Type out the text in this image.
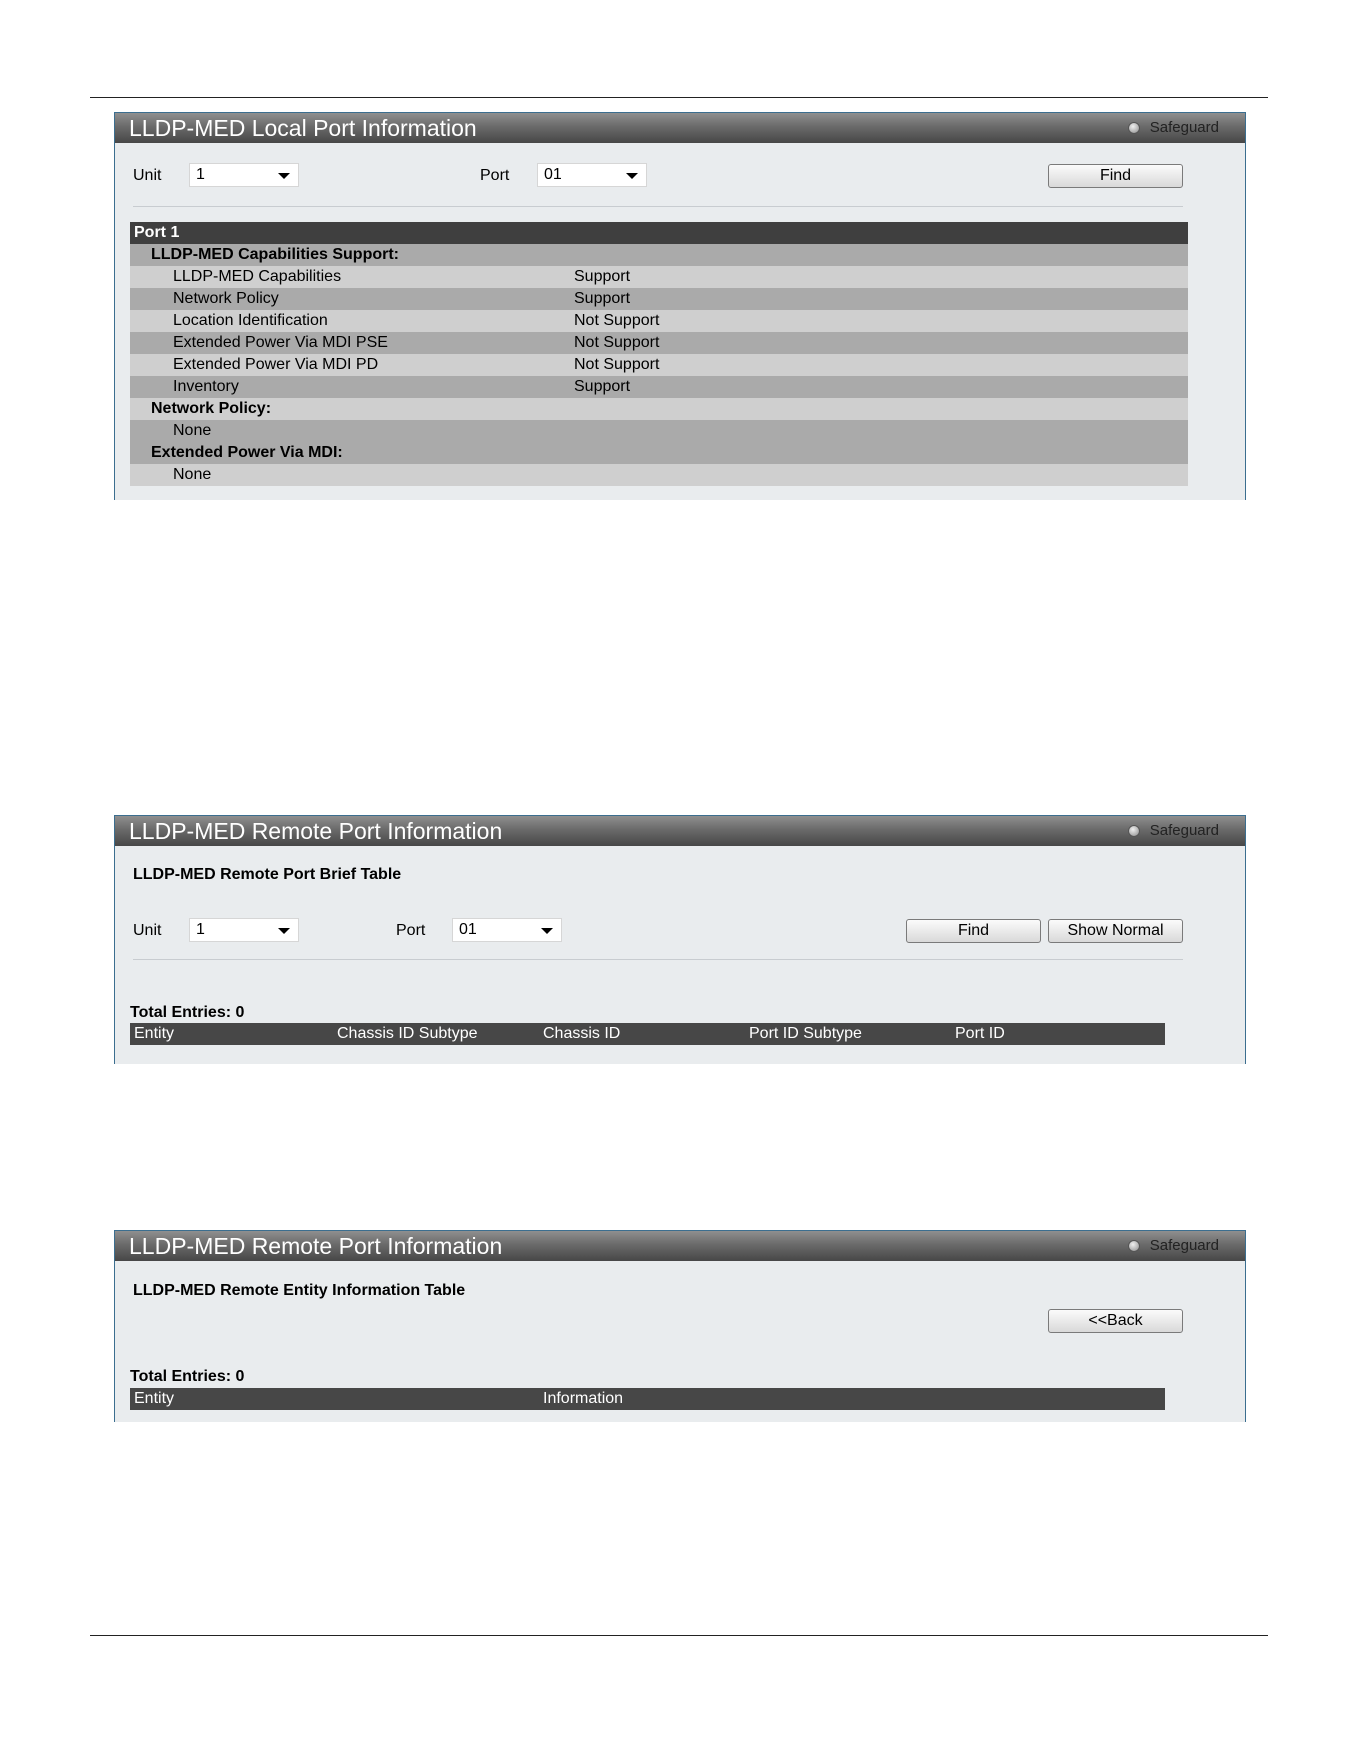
LLDP-MED Local Port Information	Safeguard
Unit	1	Port	01	Find
Port 1
LLDP-MED Capabilities Support:
LLDP-MED Capabilities	Support
Network Policy	Support
Location Identification	Not Support
Extended Power Via MDI PSE	Not Support
Extended Power Via MDI PD	Not Support
Inventory	Support
Network Policy:
None
Extended Power Via MDI:
None
LLDP-MED Remote Port Information	Safeguard
LLDP-MED Remote Port Brief Table
Unit	1	Port	01	Find	Show Normal
Total Entries: 0
Entity	Chassis ID Subtype	Chassis ID	Port ID Subtype	Port ID
LLDP-MED Remote Port Information	Safeguard
LLDP-MED Remote Entity Information Table
<<Back
Total Entries: 0
Entity	Information
